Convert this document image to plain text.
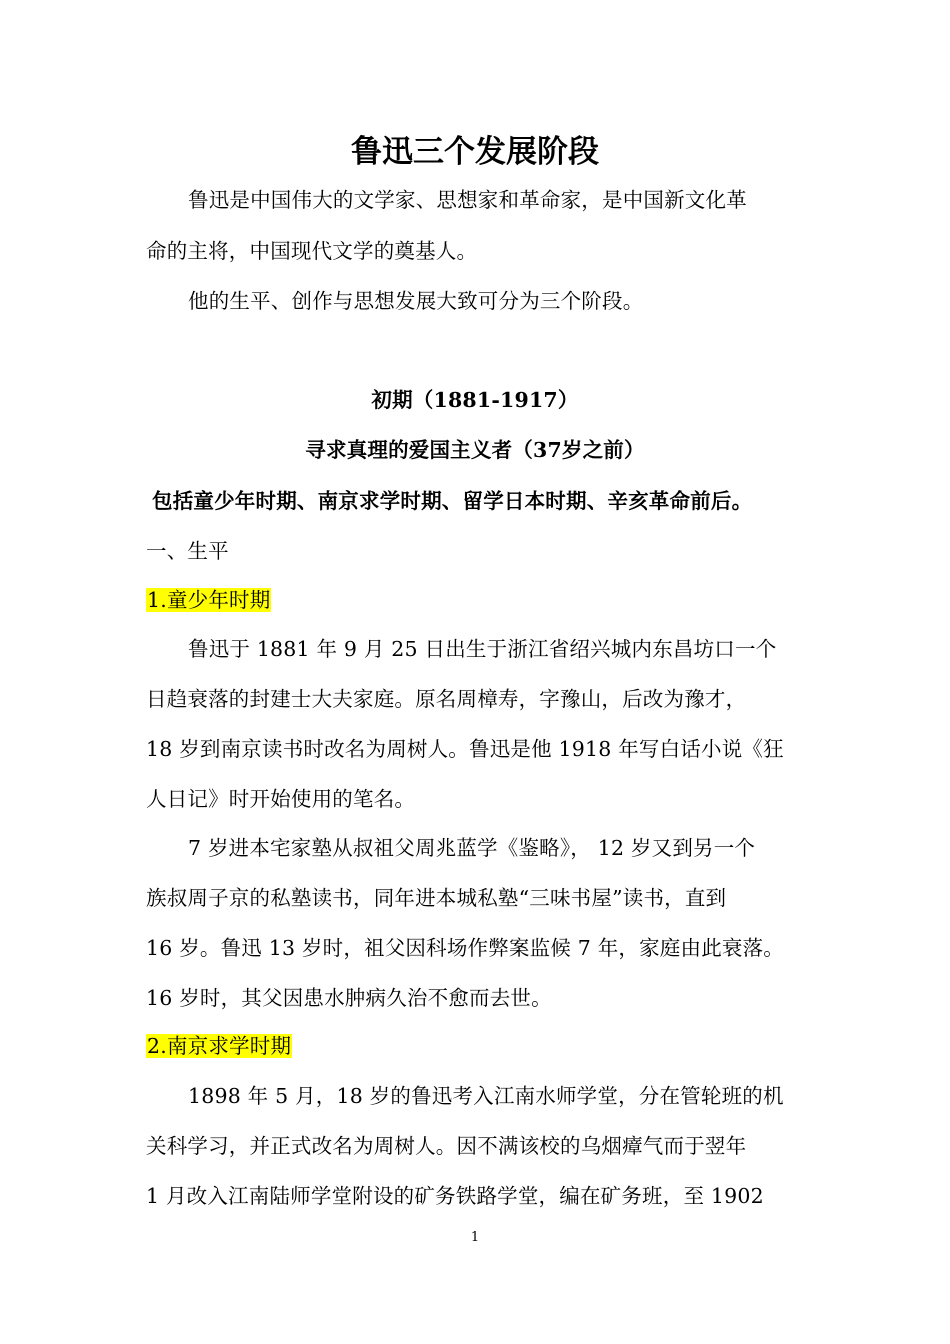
鲁迅三个发展阶段
鲁迅是中国伟大的文学家、思想家和革命家，是中国新文化革
命的主将，中国现代文学的奠基人。
他的生平、创作与思想发展大致可分为三个阶段。
初期（1881-1917）
寻求真理的爱国主义者（37岁之前）
包括童少年时期、南京求学时期、留学日本时期、辛亥革命前后。
一、生平
1.童少年时期
鲁迅于 1881 年 9 月 25 日出生于浙江省绍兴城内东昌坊口一个
日趋衰落的封建士大夫家庭。原名周樟寿，字豫山，后改为豫才，
18 岁到南京读书时改名为周树人。鲁迅是他 1918 年写白话小说《狂
人日记》时开始使用的笔名。
7 岁进本宅家塾从叔祖父周兆蓝学《鉴略》， 12 岁又到另一个
族叔周子京的私塾读书，同年进本城私塾“三味书屋”读书，直到
16 岁。鲁迅 13 岁时，祖父因科场作弊案监候 7 年，家庭由此衰落。
16 岁时，其父因患水肿病久治不愈而去世。
2.南京求学时期
1898 年 5 月，18 岁的鲁迅考入江南水师学堂，分在管轮班的机
关科学习，并正式改名为周树人。因不满该校的乌烟瘴气而于翌年
1 月改入江南陆师学堂附设的矿务铁路学堂，编在矿务班，至 1902
1
